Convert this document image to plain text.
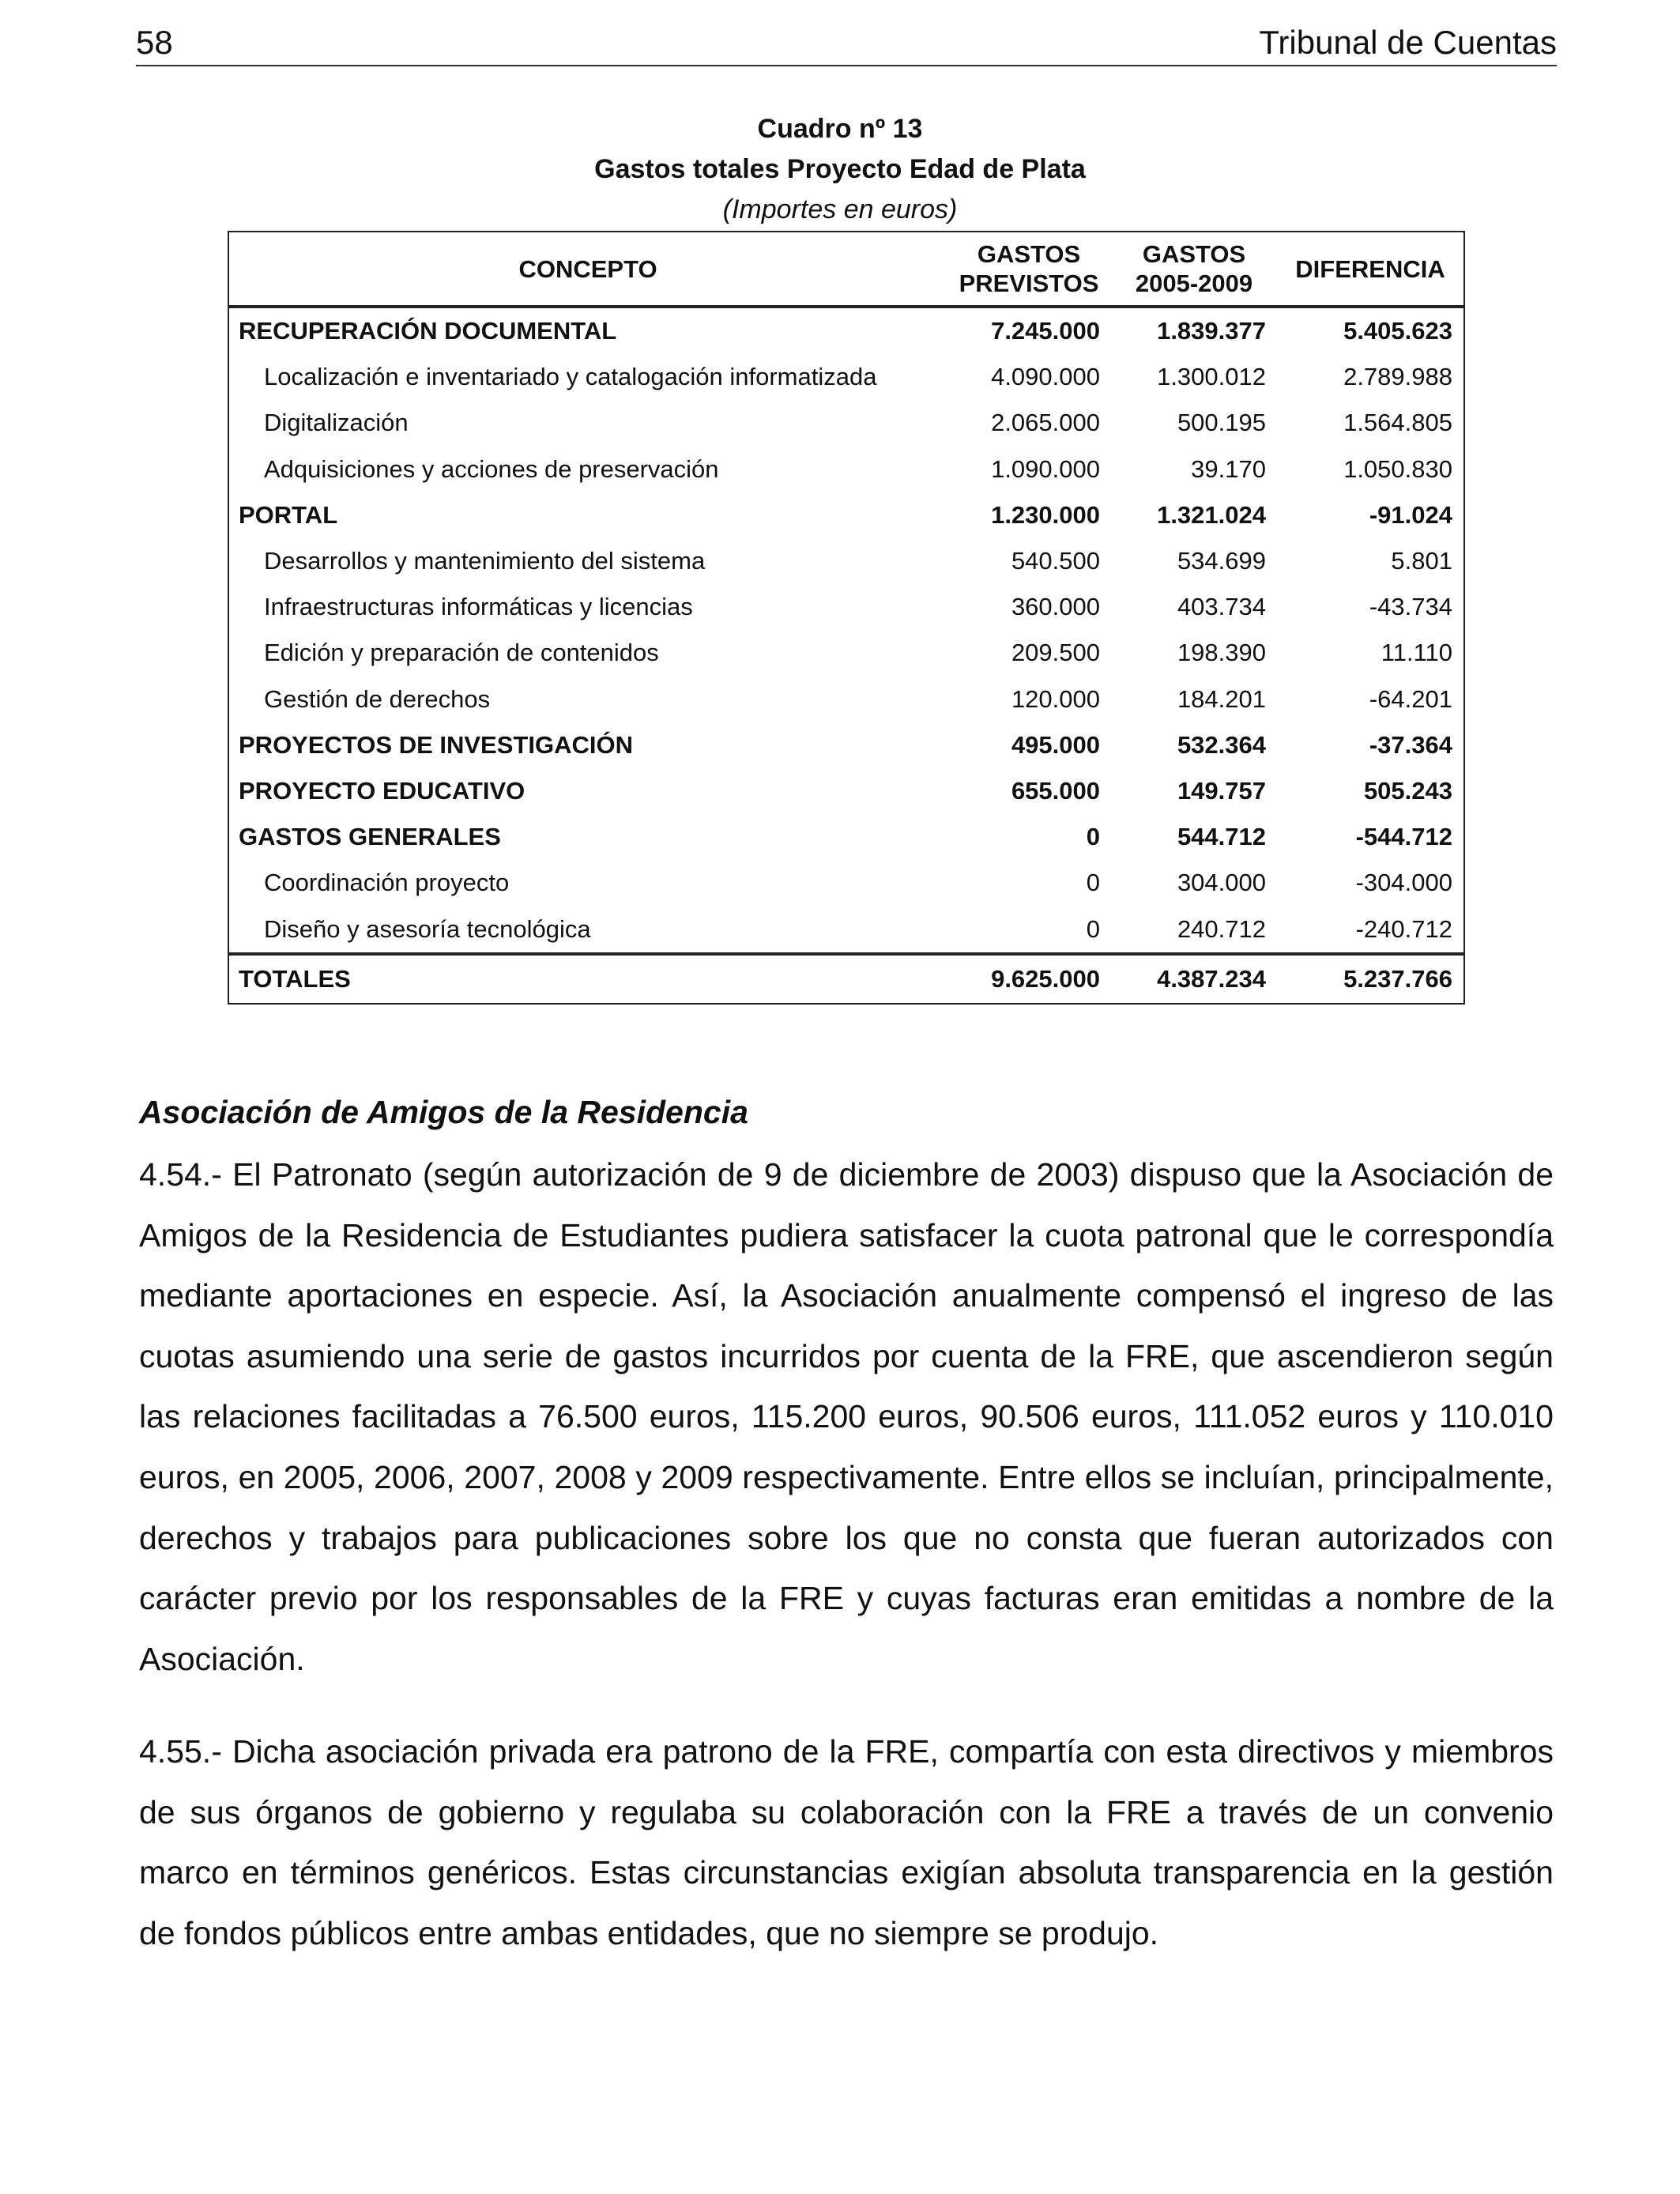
58	Tribunal de Cuentas
Cuadro nº 13
Gastos totales Proyecto Edad de Plata
(Importes en euros)
CONCEPTO	GASTOS PREVISTOS	GASTOS 2005-2009	DIFERENCIA
RECUPERACIÓN DOCUMENTAL	7.245.000	1.839.377	5.405.623
Localización e inventariado y catalogación informatizada	4.090.000	1.300.012	2.789.988
Digitalización	2.065.000	500.195	1.564.805
Adquisiciones y acciones de preservación	1.090.000	39.170	1.050.830
PORTAL	1.230.000	1.321.024	-91.024
Desarrollos y mantenimiento del sistema	540.500	534.699	5.801
Infraestructuras informáticas y licencias	360.000	403.734	-43.734
Edición y preparación de contenidos	209.500	198.390	11.110
Gestión de derechos	120.000	184.201	-64.201
PROYECTOS DE INVESTIGACIÓN	495.000	532.364	-37.364
PROYECTO EDUCATIVO	655.000	149.757	505.243
GASTOS GENERALES	0	544.712	-544.712
Coordinación proyecto	0	304.000	-304.000
Diseño y asesoría tecnológica	0	240.712	-240.712
TOTALES	9.625.000	4.387.234	5.237.766
Asociación de Amigos de la Residencia

4.54.- El Patronato (según autorización de 9 de diciembre de 2003) dispuso que la Asociación de Amigos de la Residencia de Estudiantes pudiera satisfacer la cuota patronal que le correspondía mediante aportaciones en especie. Así, la Asociación anualmente compensó el ingreso de las cuotas asumiendo una serie de gastos incurridos por cuenta de la FRE, que ascendieron según las relaciones facilitadas a 76.500 euros, 115.200 euros, 90.506 euros, 111.052 euros y 110.010 euros, en 2005, 2006, 2007, 2008 y 2009 respectivamente. Entre ellos se incluían, principalmente, derechos y trabajos para publicaciones sobre los que no consta que fueran autorizados con carácter previo por los responsables de la FRE y cuyas facturas eran emitidas a nombre de la Asociación.

4.55.- Dicha asociación privada era patrono de la FRE, compartía con esta directivos y miembros de sus órganos de gobierno y regulaba su colaboración con la FRE a través de un convenio marco en términos genéricos. Estas circunstancias exigían absoluta transparencia en la gestión de fondos públicos entre ambas entidades, que no siempre se produjo.
